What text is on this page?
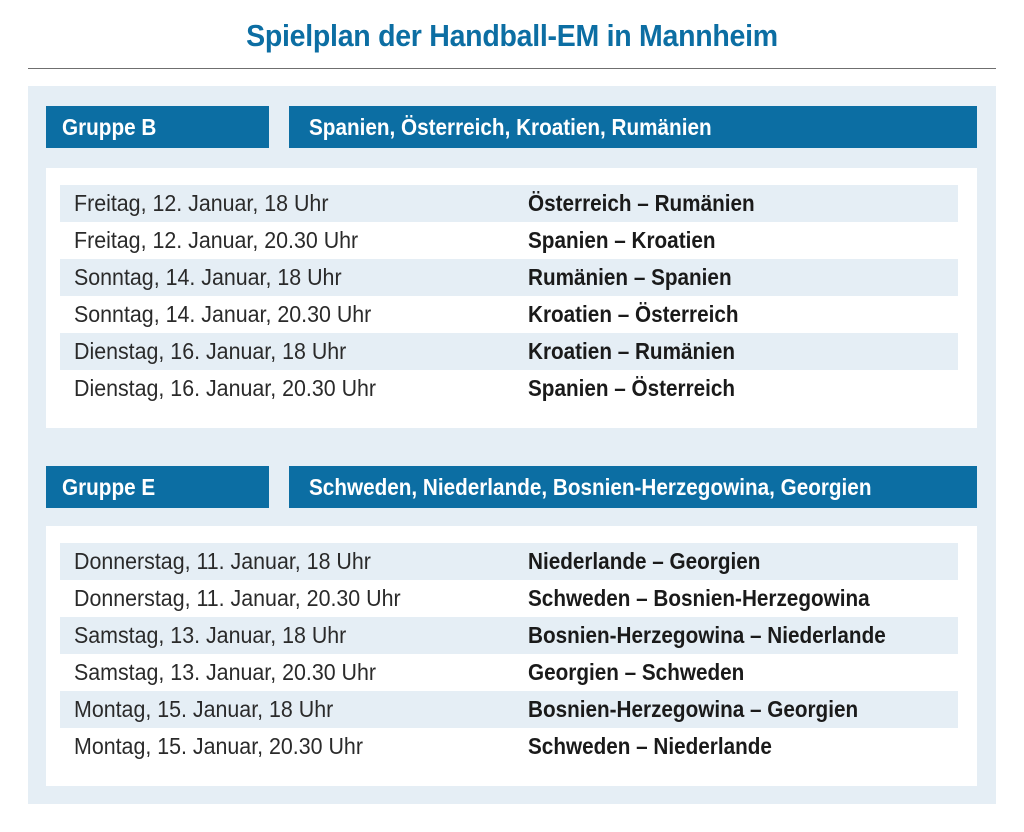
Spielplan der Handball-EM in Mannheim
Gruppe B	Spanien, Österreich, Kroatien, Rumänien
Freitag, 12. Januar, 18 Uhr	Österreich – Rumänien
Freitag, 12. Januar, 20.30 Uhr	Spanien – Kroatien
Sonntag, 14. Januar, 18 Uhr	Rumänien – Spanien
Sonntag, 14. Januar, 20.30 Uhr	Kroatien – Österreich
Dienstag, 16. Januar, 18 Uhr	Kroatien – Rumänien
Dienstag, 16. Januar, 20.30 Uhr	Spanien – Österreich
Gruppe E	Schweden, Niederlande, Bosnien-Herzegowina, Georgien
Donnerstag, 11. Januar, 18 Uhr	Niederlande – Georgien
Donnerstag, 11. Januar, 20.30 Uhr	Schweden – Bosnien-Herzegowina
Samstag, 13. Januar, 18 Uhr	Bosnien-Herzegowina – Niederlande
Samstag, 13. Januar, 20.30 Uhr	Georgien – Schweden
Montag, 15. Januar, 18 Uhr	Bosnien-Herzegowina – Georgien
Montag, 15. Januar, 20.30 Uhr	Schweden – Niederlande
